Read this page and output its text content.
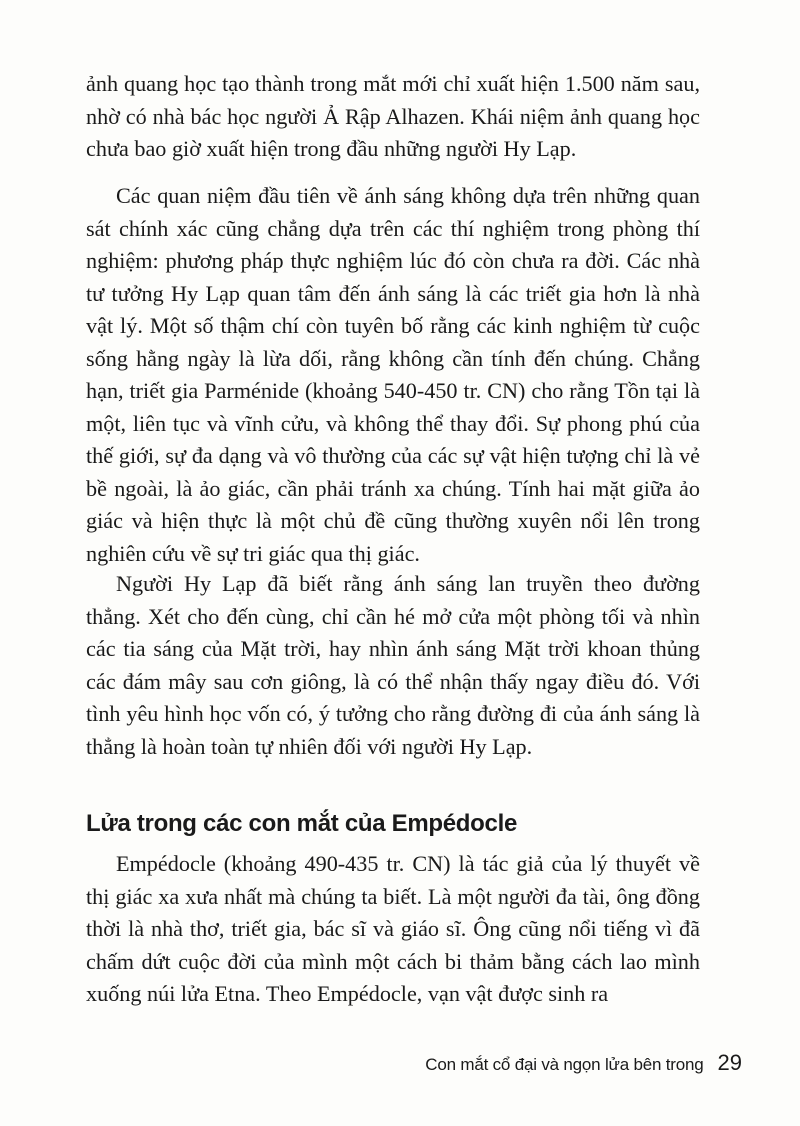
ảnh quang học tạo thành trong mắt mới chỉ xuất hiện 1.500 năm sau, nhờ có nhà bác học người Ả Rập Alhazen. Khái niệm ảnh quang học chưa bao giờ xuất hiện trong đầu những người Hy Lạp.

Các quan niệm đầu tiên về ánh sáng không dựa trên những quan sát chính xác cũng chẳng dựa trên các thí nghiệm trong phòng thí nghiệm: phương pháp thực nghiệm lúc đó còn chưa ra đời. Các nhà tư tưởng Hy Lạp quan tâm đến ánh sáng là các triết gia hơn là nhà vật lý. Một số thậm chí còn tuyên bố rằng các kinh nghiệm từ cuộc sống hằng ngày là lừa dối, rằng không cần tính đến chúng. Chẳng hạn, triết gia Parménide (khoảng 540-450 tr. CN) cho rằng Tồn tại là một, liên tục và vĩnh cửu, và không thể thay đổi. Sự phong phú của thế giới, sự đa dạng và vô thường của các sự vật hiện tượng chỉ là vẻ bề ngoài, là ảo giác, cần phải tránh xa chúng. Tính hai mặt giữa ảo giác và hiện thực là một chủ đề cũng thường xuyên nổi lên trong nghiên cứu về sự tri giác qua thị giác.

Người Hy Lạp đã biết rằng ánh sáng lan truyền theo đường thẳng. Xét cho đến cùng, chỉ cần hé mở cửa một phòng tối và nhìn các tia sáng của Mặt trời, hay nhìn ánh sáng Mặt trời khoan thủng các đám mây sau cơn giông, là có thể nhận thấy ngay điều đó. Với tình yêu hình học vốn có, ý tưởng cho rằng đường đi của ánh sáng là thẳng là hoàn toàn tự nhiên đối với người Hy Lạp.

Lửa trong các con mắt của Empédocle

Empédocle (khoảng 490-435 tr. CN) là tác giả của lý thuyết về thị giác xa xưa nhất mà chúng ta biết. Là một người đa tài, ông đồng thời là nhà thơ, triết gia, bác sĩ và giáo sĩ. Ông cũng nổi tiếng vì đã chấm dứt cuộc đời của mình một cách bi thảm bằng cách lao mình xuống núi lửa Etna. Theo Empédocle, vạn vật được sinh ra

Con mắt cổ đại và ngọn lửa bên trong 29
